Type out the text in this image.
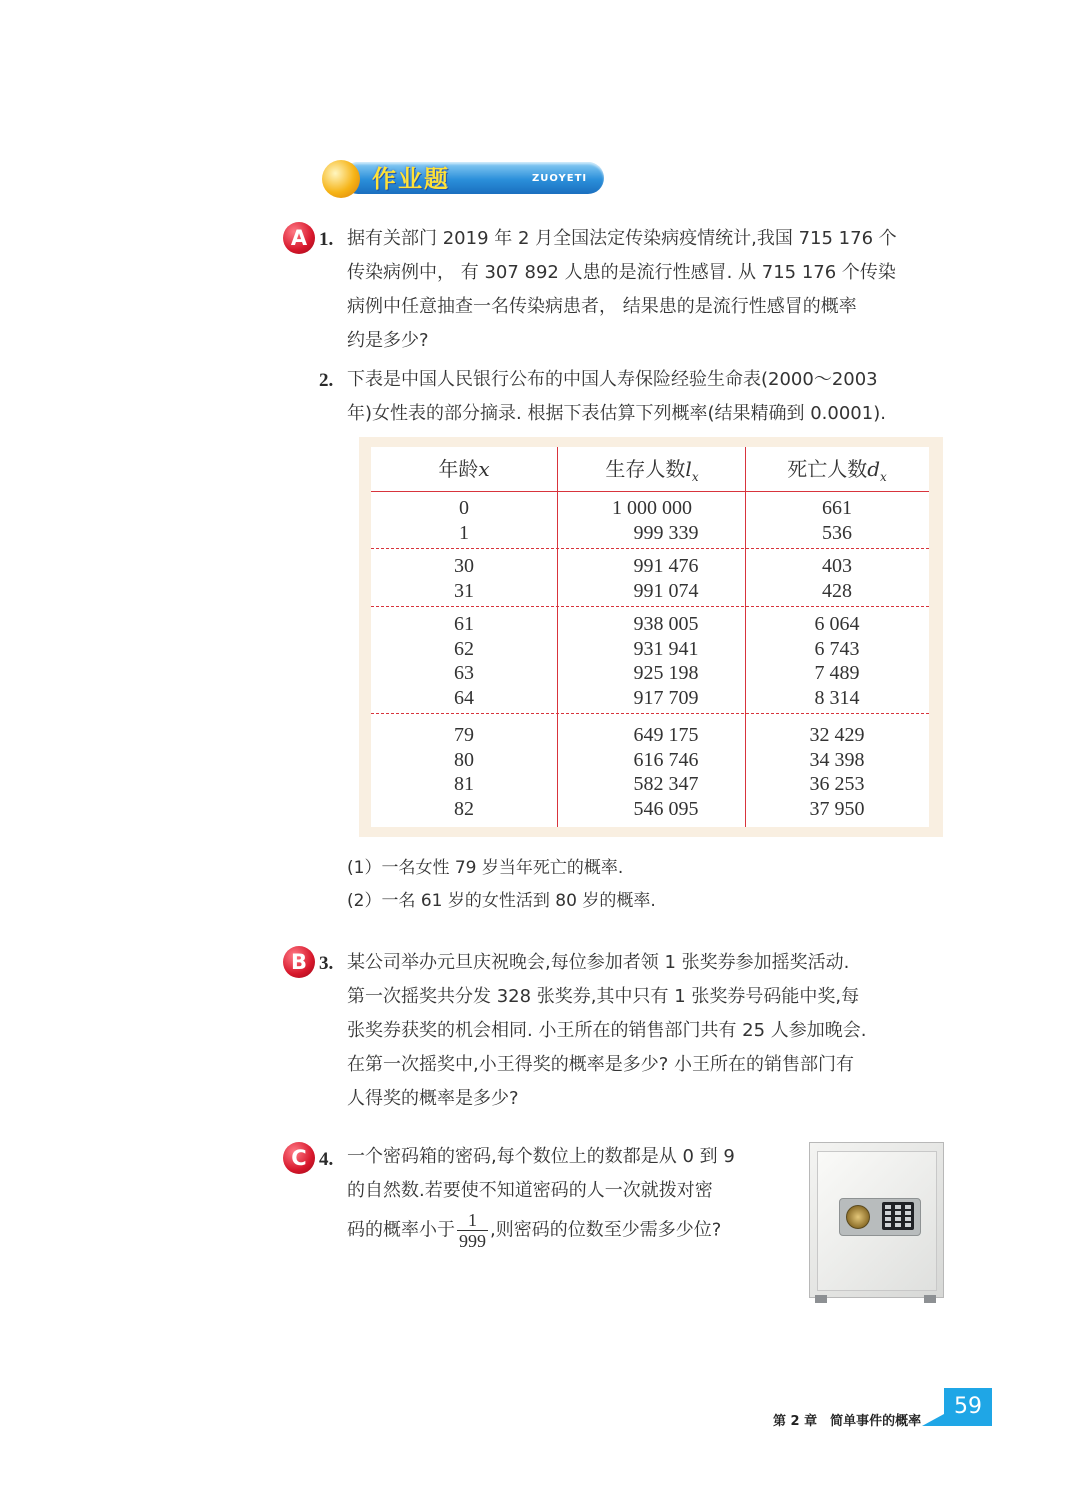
作业题	ZUOYETI
A 1. 据有关部门 2019 年 2 月全国法定传染病疫情统计,我国 715 176 个
传染病例中， 有 307 892 人患的是流行性感冒. 从 715 176 个传染
病例中任意抽查一名传染病患者， 结果患的是流行性感冒的概率
约是多少?
2. 下表是中国人民银行公布的中国人寿保险经验生命表(2000～2003
年)女性表的部分摘录. 根据下表估算下列概率(结果精确到 0.0001).
年龄x	生存人数$l_x$	死亡人数$d_x$
0	1 000 000	661
1	999 339	536
30	991 476	403
31	991 074	428
61	938 005	6 064
62	931 941	6 743
63	925 198	7 489
64	917 709	8 314
79	649 175	32 429
80	616 746	34 398
81	582 347	36 253
82	546 095	37 950
(1）一名女性 79 岁当年死亡的概率.
(2）一名 61 岁的女性活到 80 岁的概率.
B 3. 某公司举办元旦庆祝晚会,每位参加者领 1 张奖券参加摇奖活动.
第一次摇奖共分发 328 张奖券,其中只有 1 张奖券号码能中奖,每
张奖券获奖的机会相同. 小王所在的销售部门共有 25 人参加晚会.
在第一次摇奖中,小王得奖的概率是多少? 小王所在的销售部门有
人得奖的概率是多少?
C 4. 一个密码箱的密码,每个数位上的数都是从 0 到 9
的自然数.若要使不知道密码的人一次就拨对密
码的概率小于 $\frac{1}{999}$ ,则密码的位数至少需多少位?
第 2 章　简单事件的概率
59
